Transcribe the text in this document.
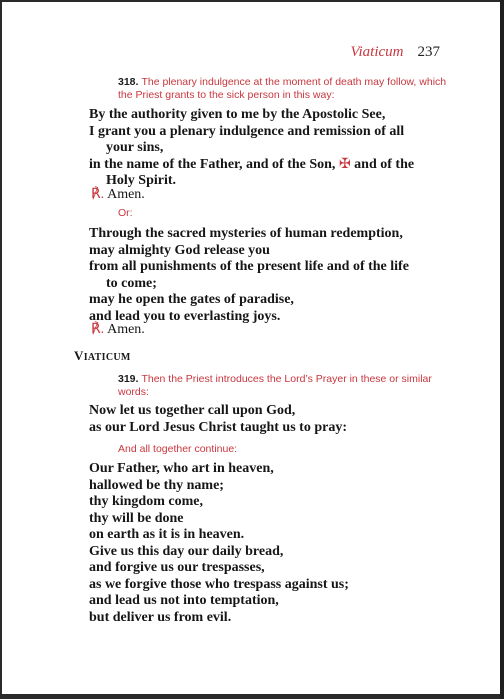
Viaticum 237
318. The plenary indulgence at the moment of death may follow, which the Priest grants to the sick person in this way:
By the authority given to me by the Apostolic See,
I grant you a plenary indulgence and remission of all
your sins,
in the name of the Father, and of the Son, ✠ and of the
Holy Spirit.
℟. Amen.
Or:
Through the sacred mysteries of human redemption,
may almighty God release you
from all punishments of the present life and of the life
to come;
may he open the gates of paradise,
and lead you to everlasting joys.
℟. Amen.
VIATICUM
319. Then the Priest introduces the Lord’s Prayer in these or similar words:
Now let us together call upon God,
as our Lord Jesus Christ taught us to pray:
And all together continue:
Our Father, who art in heaven,
hallowed be thy name;
thy kingdom come,
thy will be done
on earth as it is in heaven.
Give us this day our daily bread,
and forgive us our trespasses,
as we forgive those who trespass against us;
and lead us not into temptation,
but deliver us from evil.
